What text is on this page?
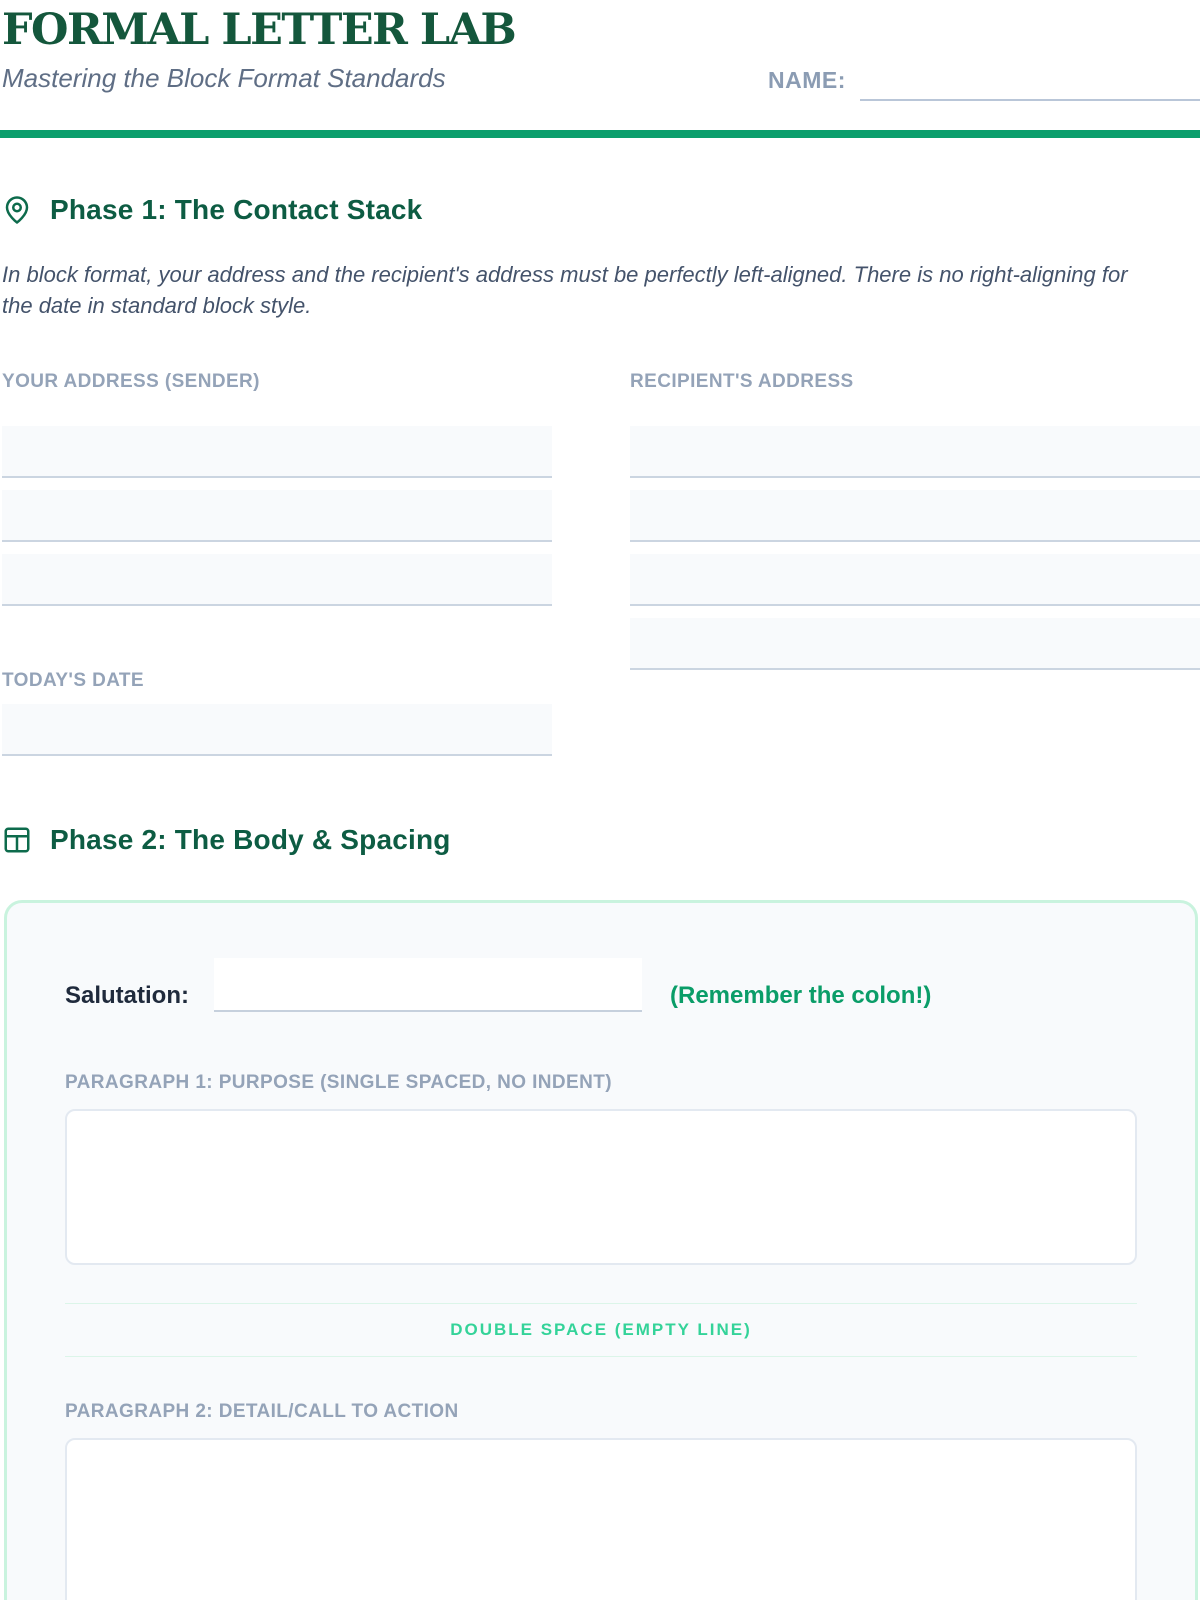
FORMAL LETTER LAB
Mastering the Block Format Standards	NAME:
Phase 1: The Contact Stack

In block format, your address and the recipient's address must be perfectly left-aligned. There is no right-aligning for the date in standard block style.

YOUR ADDRESS (SENDER)
TODAY'S DATE
RECIPIENT'S ADDRESS
Phase 2: The Body & Spacing
Salutation:	(Remember the colon!)
PARAGRAPH 1: PURPOSE (SINGLE SPACED, NO INDENT)
DOUBLE SPACE (EMPTY LINE)
PARAGRAPH 2: DETAIL/CALL TO ACTION
